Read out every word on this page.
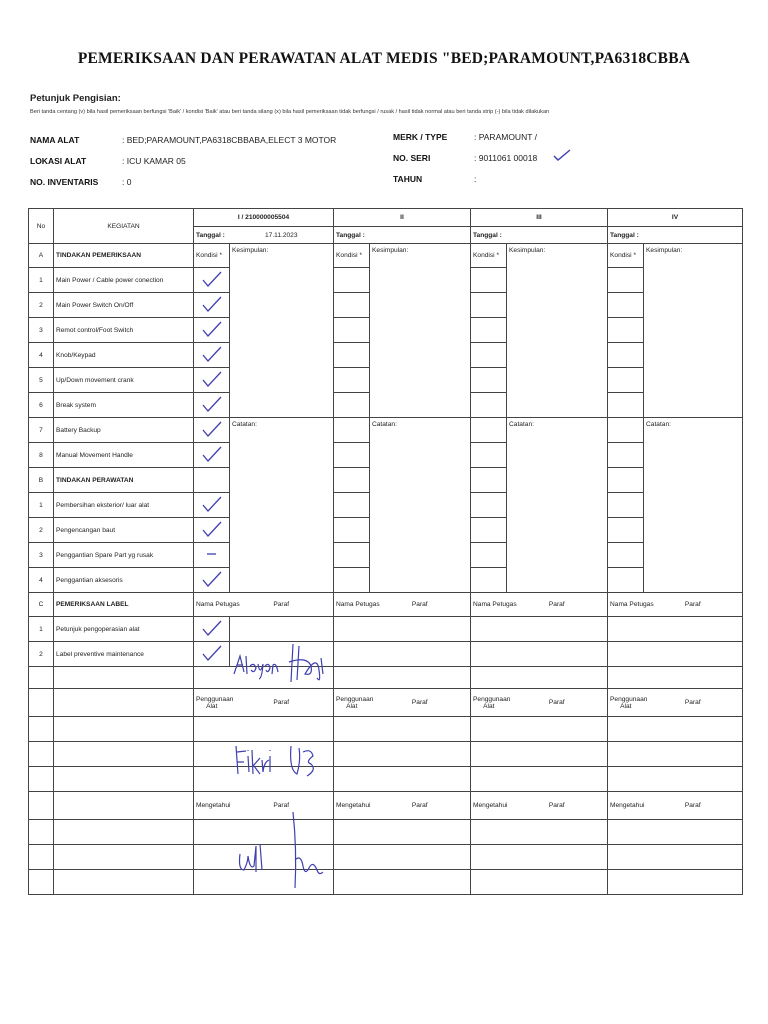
PEMERIKSAAN DAN PERAWATAN ALAT MEDIS "BED;PARAMOUNT,PA6318CBBA
Petunjuk Pengisian:
Beri tanda centang (v) bila hasil pemeriksaan berfungsi 'Baik' / kondisi 'Baik' atau beri tanda silang (x) bila hasil pemeriksaan tidak berfungsi / rusak / hasil tidak normal atau beri tanda strip (-) bila tidak dilakukan
NAMA ALAT	: BED;PARAMOUNT,PA6318CBBABA,ELECT 3 MOTOR
LOKASI ALAT	: ICU KAMAR 05
NO. INVENTARIS	: 0
MERK / TYPE	: PARAMOUNT /
NO. SERI	: 9011061 00018
TAHUN	:
No	KEGIATAN	I / 210000005504		II		III		IV	
		Tanggal :	17.11.2023	Tanggal :		Tanggal :		Tanggal :	
A	TINDAKAN PEMERIKSAAN	Kondisi *	Kesimpulan:	Kondisi *	Kesimpulan:	Kondisi *	Kesimpulan:	Kondisi *	Kesimpulan:
1	Main Power / Cable power conection				
2	Main Power Switch On/Off				
3	Remot control/Foot Switch				
4	Knob/Keypad				
5	Up/Down movement crank				
6	Break system				
7	Battery Backup		Catatan:		Catatan:		Catatan:		Catatan:
8	Manual Movement Handle				
B	TINDAKAN PERAWATAN								
1	Pembersihan eksterior/ luar alat				
2	Pengencangan baut				
3	Penggantian Spare Part yg rusak				
4	Penggantian aksesoris				
C	PEMERIKSAAN LABEL	Nama Petugas	Paraf	Nama Petugas	Paraf	Nama Petugas	Paraf	Nama Petugas	Paraf
1	Petunjuk pengoperasian alat								
2	Label preventive maintenance								

		Penggunaan Alat	Paraf	Penggunaan Alat	Paraf	Penggunaan Alat	Paraf	Penggunaan Alat	Paraf

		Mengetahui	Paraf	Mengetahui	Paraf	Mengetahui	Paraf	Mengetahui	Paraf
